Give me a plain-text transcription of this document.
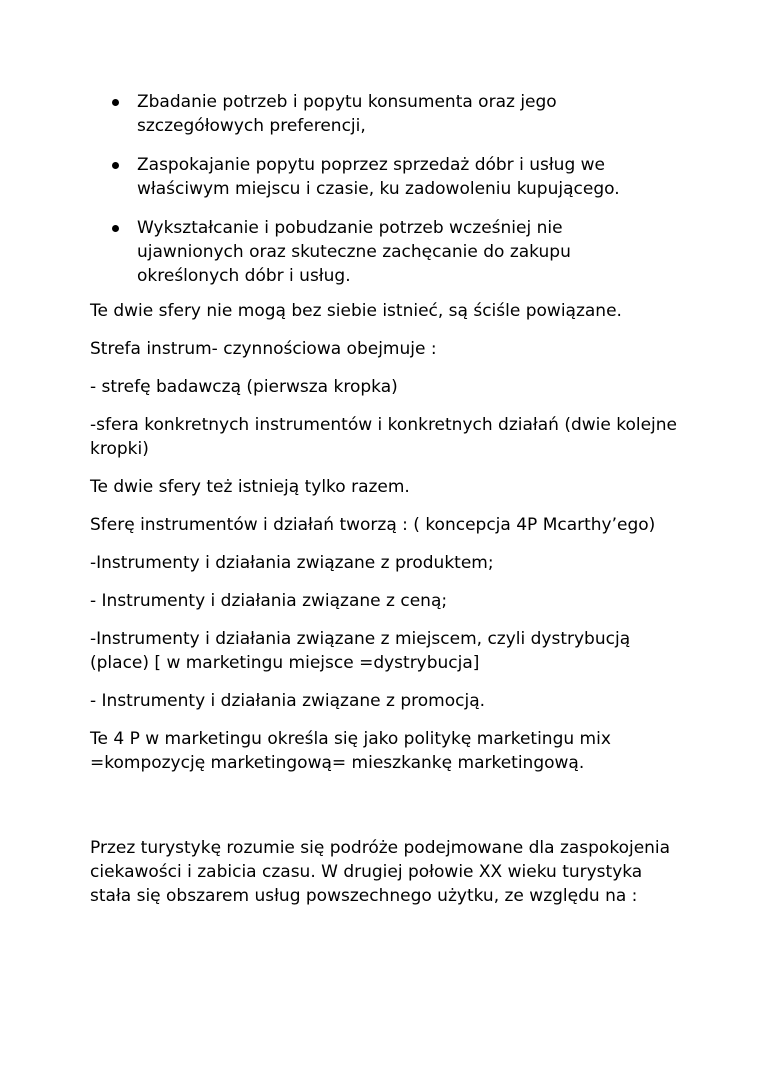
Zbadanie potrzeb i popytu konsumenta oraz jego szczegółowych preferencji,
Zaspokajanie popytu poprzez sprzedaż dóbr i usług we właściwym miejscu i czasie, ku zadowoleniu kupującego.
Wykształcanie i pobudzanie potrzeb wcześniej nie ujawnionych oraz skuteczne zachęcanie do zakupu określonych dóbr i usług.

Te dwie sfery nie mogą bez siebie istnieć, są ściśle powiązane.

Strefa instrum- czynnościowa obejmuje :

- strefę badawczą (pierwsza kropka)

-sfera konkretnych instrumentów i konkretnych działań (dwie kolejne kropki)

Te dwie sfery też istnieją tylko razem.

Sferę instrumentów i działań tworzą : ( koncepcja 4P Mcarthy’ego)

-Instrumenty i działania związane z produktem;

- Instrumenty i działania związane z ceną;

-Instrumenty i działania związane z miejscem, czyli dystrybucją (place) [ w marketingu miejsce =dystrybucja]

- Instrumenty i działania związane z promocją.

Te 4 P w marketingu określa się jako politykę marketingu mix =kompozycję marketingową= mieszkankę marketingową.

Przez turystykę rozumie się podróże podejmowane dla zaspokojenia ciekawości i zabicia czasu. W drugiej połowie XX wieku turystyka stała się obszarem usług powszechnego użytku, ze względu na :
